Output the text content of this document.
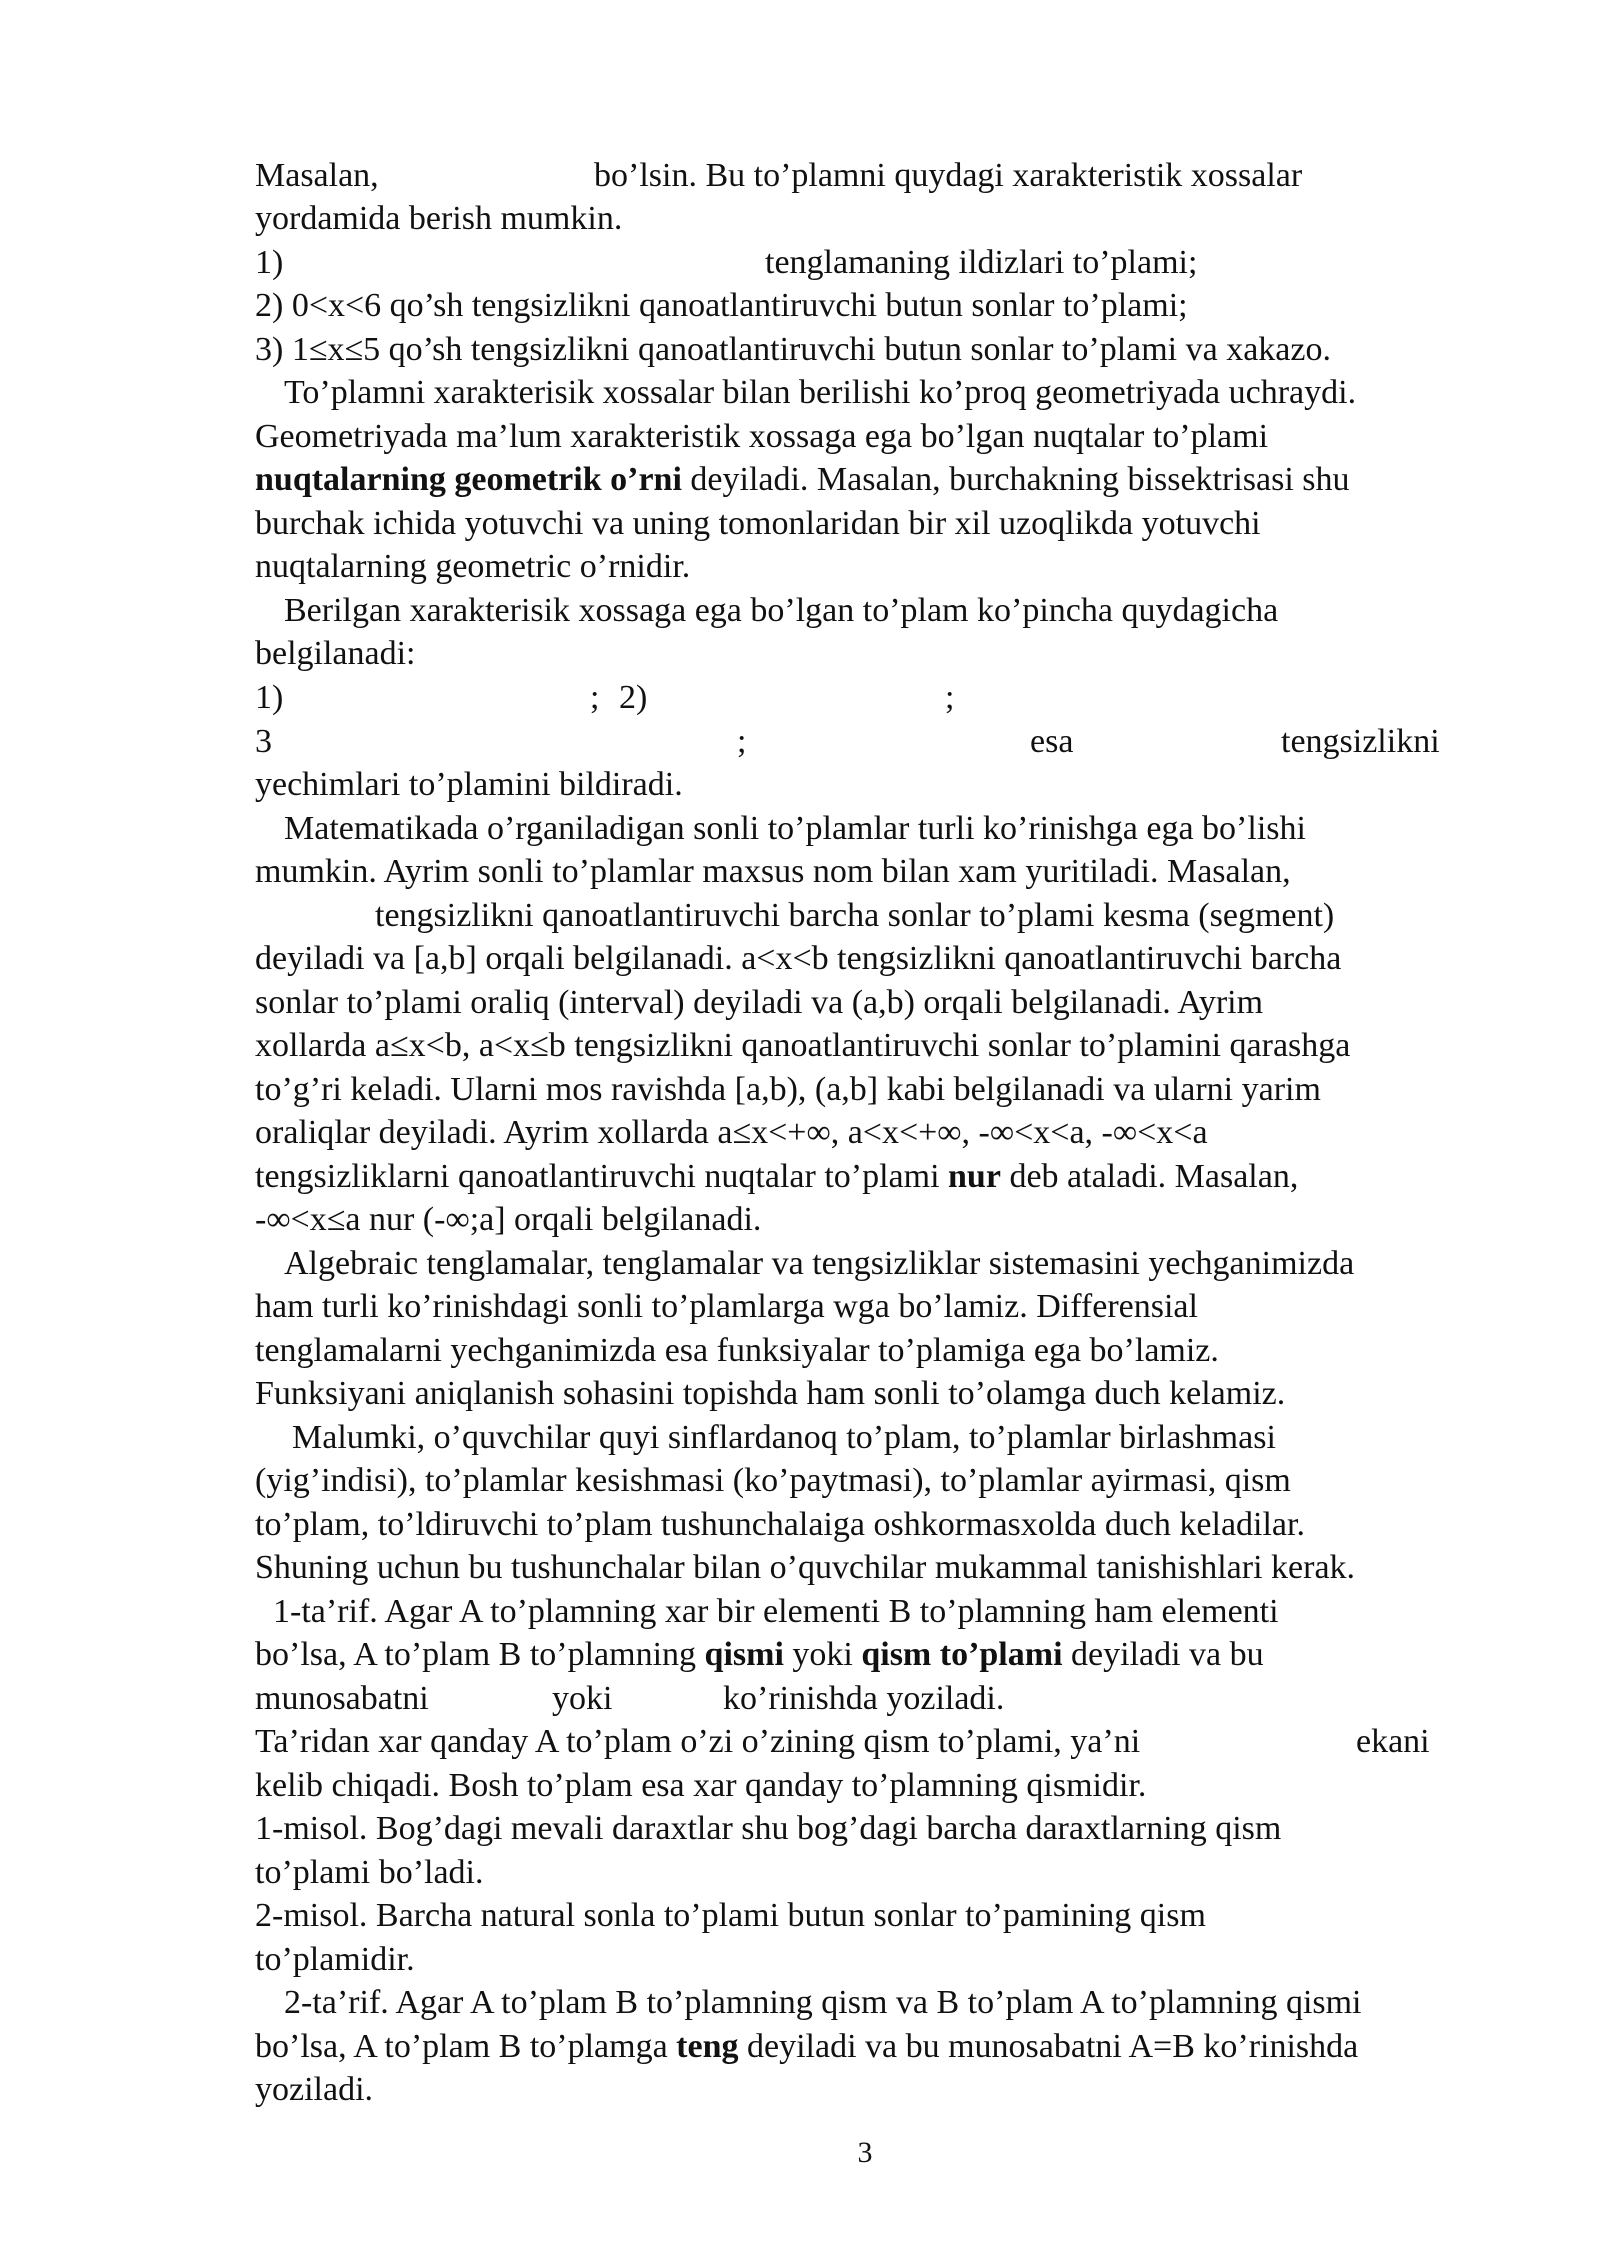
Masalan,	bo’lsin. Bu to’plamni quydagi xarakteristik xossalar
yordamida berish mumkin.
1)	tenglamaning ildizlari to’plami;
2) 0<x<6 qo’sh tengsizlikni qanoatlantiruvchi butun sonlar to’plami;
3) 1≤x≤5 qo’sh tengsizlikni qanoatlantiruvchi butun sonlar to’plami va xakazo.
To’plamni xarakterisik xossalar bilan berilishi ko’proq geometriyada uchraydi.
Geometriyada ma’lum xarakteristik xossaga ega bo’lgan nuqtalar to’plami
nuqtalarning geometrik o’rni deyiladi. Masalan, burchakning bissektrisasi shu
burchak ichida yotuvchi va uning tomonlaridan bir xil uzoqlikda yotuvchi
nuqtalarning geometric o’rnidir.
Berilgan xarakterisik xossaga ega bo’lgan to’plam ko’pincha quydagicha
belgilanadi:
1)	; 2)	;
3	;	esa	tengsizlikni
yechimlari to’plamini bildiradi.
Matematikada o’rganiladigan sonli to’plamlar turli ko’rinishga ega bo’lishi
mumkin. Ayrim sonli to’plamlar maxsus nom bilan xam yuritiladi. Masalan,
tengsizlikni qanoatlantiruvchi barcha sonlar to’plami kesma (segment)
deyiladi va [a,b] orqali belgilanadi. a<x<b tengsizlikni qanoatlantiruvchi barcha
sonlar to’plami oraliq (interval) deyiladi va (a,b) orqali belgilanadi. Ayrim
xollarda a≤x<b, a<x≤b tengsizlikni qanoatlantiruvchi sonlar to’plamini qarashga
to’g’ri keladi. Ularni mos ravishda [a,b), (a,b] kabi belgilanadi va ularni yarim
oraliqlar deyiladi. Ayrim xollarda a≤x<+∞, a<x<+∞, -∞<x<a, -∞<x<a
tengsizliklarni qanoatlantiruvchi nuqtalar to’plami nur deb ataladi. Masalan,
-∞<x≤a nur (-∞;a] orqali belgilanadi.
Algebraic tenglamalar, tenglamalar va tengsizliklar sistemasini yechganimizda
ham turli ko’rinishdagi sonli to’plamlarga wga bo’lamiz. Differensial
tenglamalarni yechganimizda esa funksiyalar to’plamiga ega bo’lamiz.
Funksiyani aniqlanish sohasini topishda ham sonli to’olamga duch kelamiz.
Malumki, o’quvchilar quyi sinflardanoq to’plam, to’plamlar birlashmasi
(yig’indisi), to’plamlar kesishmasi (ko’paytmasi), to’plamlar ayirmasi, qism
to’plam, to’ldiruvchi to’plam tushunchalaiga oshkormasxoldа duch keladilar.
Shuning uchun bu tushunchalar bilan o’quvchilar mukammal tanishishlari kerak.
1-ta’rif. Agar A to’plamning xar bir elementi B to’plamning ham elementi
bo’lsa, A to’plam B to’plamning qismi yoki qism to’plami deyiladi va bu
munosabatni	yoki	ko’rinishda yoziladi.
Ta’ridan xar qanday A to’plam o’zi o’zining qism to’plami, ya’ni	ekani
kelib chiqadi. Bosh to’plam esa xar qanday to’plamning qismidir.
1-misol. Bog’dagi mevali daraxtlar shu bog’dagi barcha daraxtlarning qism
to’plami bo’ladi.
2-misol. Barcha natural sonla to’plami butun sonlar to’pamining qism
to’plamidir.
2-ta’rif. Agar A to’plam B to’plamning qism va B to’plam A to’plamning qismi
bo’lsa, A to’plam B to’plamga teng deyiladi va bu munosabatni A=B ko’rinishda
yoziladi.
3
